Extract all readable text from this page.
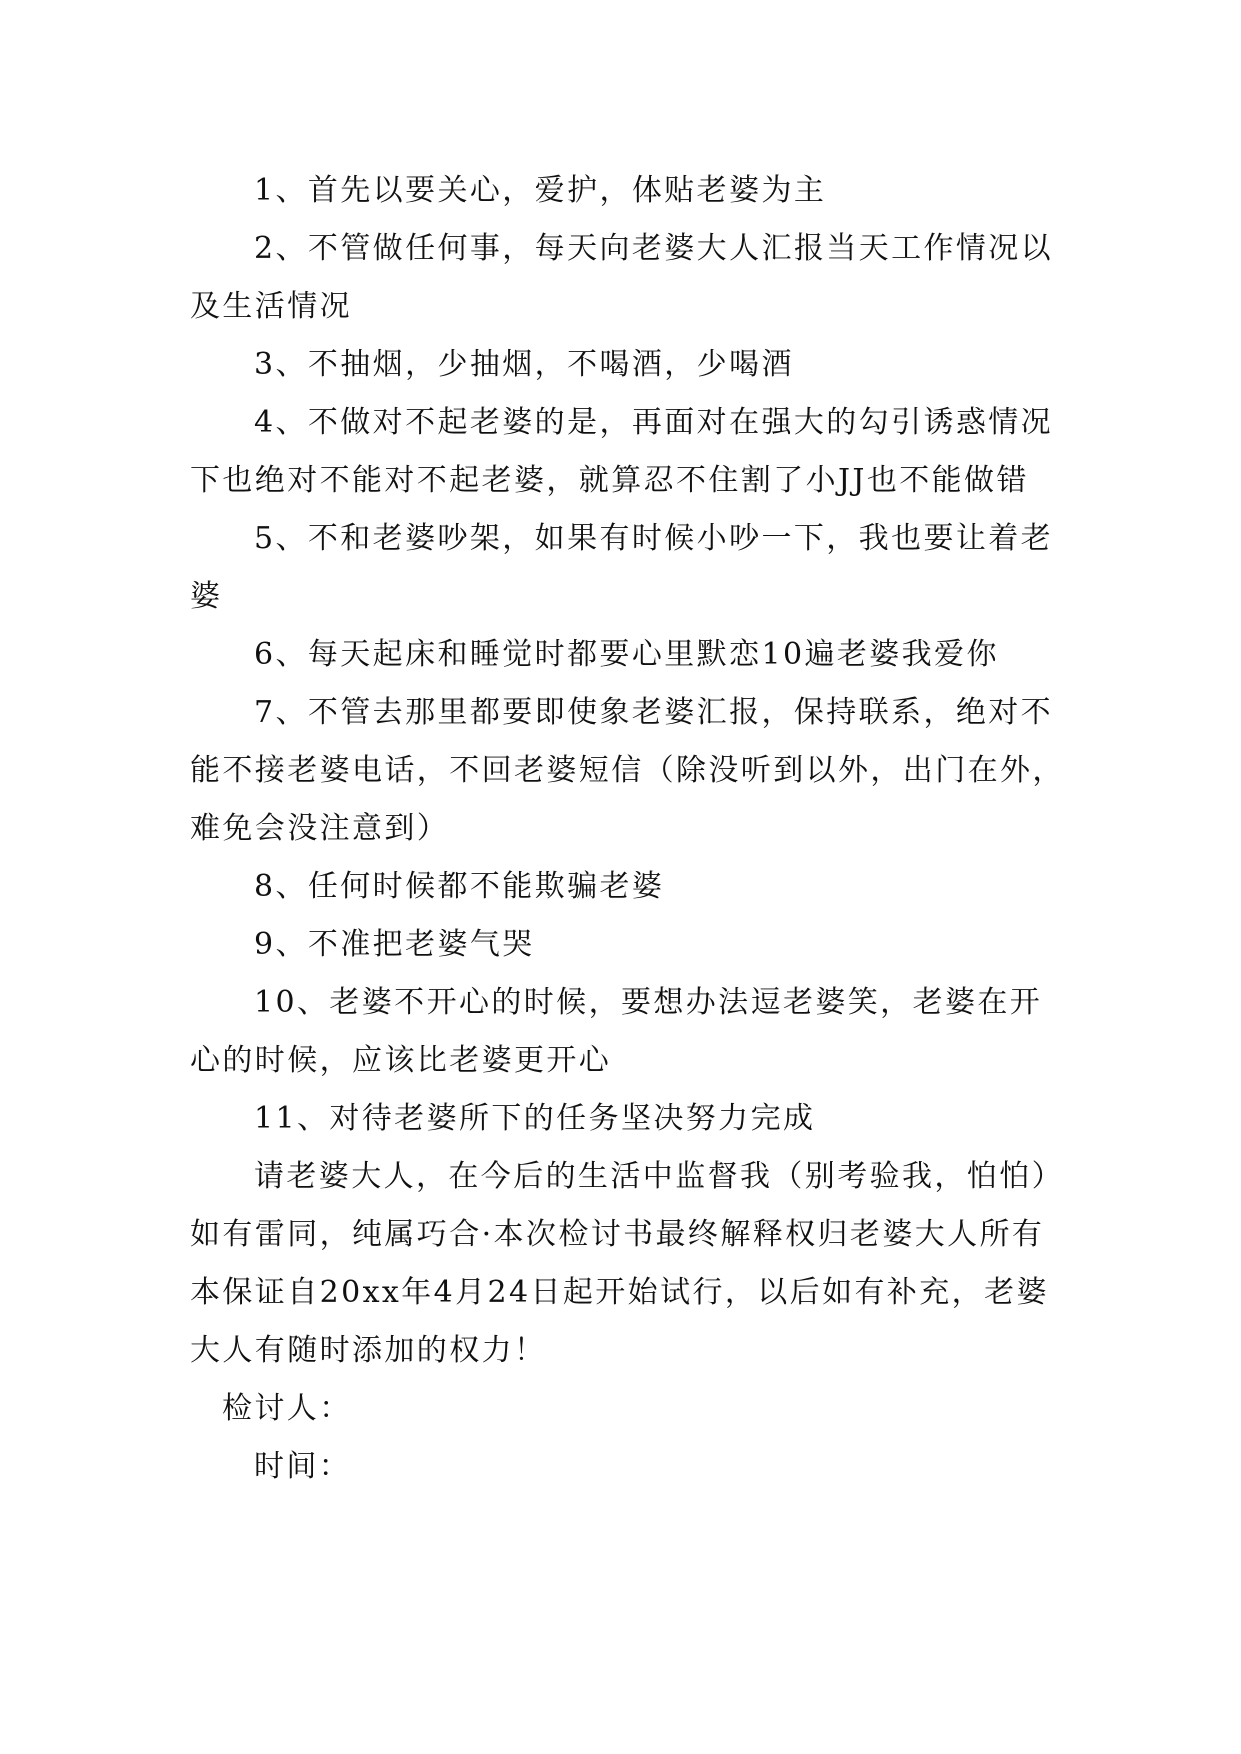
1、首先以要关心，爱护，体贴老婆为主

2、不管做任何事，每天向老婆大人汇报当天工作情况以及生活情况

3、不抽烟，少抽烟，不喝酒，少喝酒

4、不做对不起老婆的是，再面对在强大的勾引诱惑情况下也绝对不能对不起老婆，就算忍不住割了小JJ也不能做错

5、不和老婆吵架，如果有时候小吵一下，我也要让着老婆

6、每天起床和睡觉时都要心里默恋10遍老婆我爱你

7、不管去那里都要即使象老婆汇报，保持联系，绝对不能不接老婆电话，不回老婆短信（除没听到以外，出门在外，难免会没注意到）

8、任何时候都不能欺骗老婆

9、不准把老婆气哭

10、老婆不开心的时候，要想办法逗老婆笑，老婆在开心的时候，应该比老婆更开心

11、对待老婆所下的任务坚决努力完成

请老婆大人，在今后的生活中监督我（别考验我，怕怕）如有雷同，纯属巧合·本次检讨书最终解释权归老婆大人所有本保证自20xx年4月24日起开始试行，以后如有补充，老婆大人有随时添加的权力！

检讨人：

时间：
